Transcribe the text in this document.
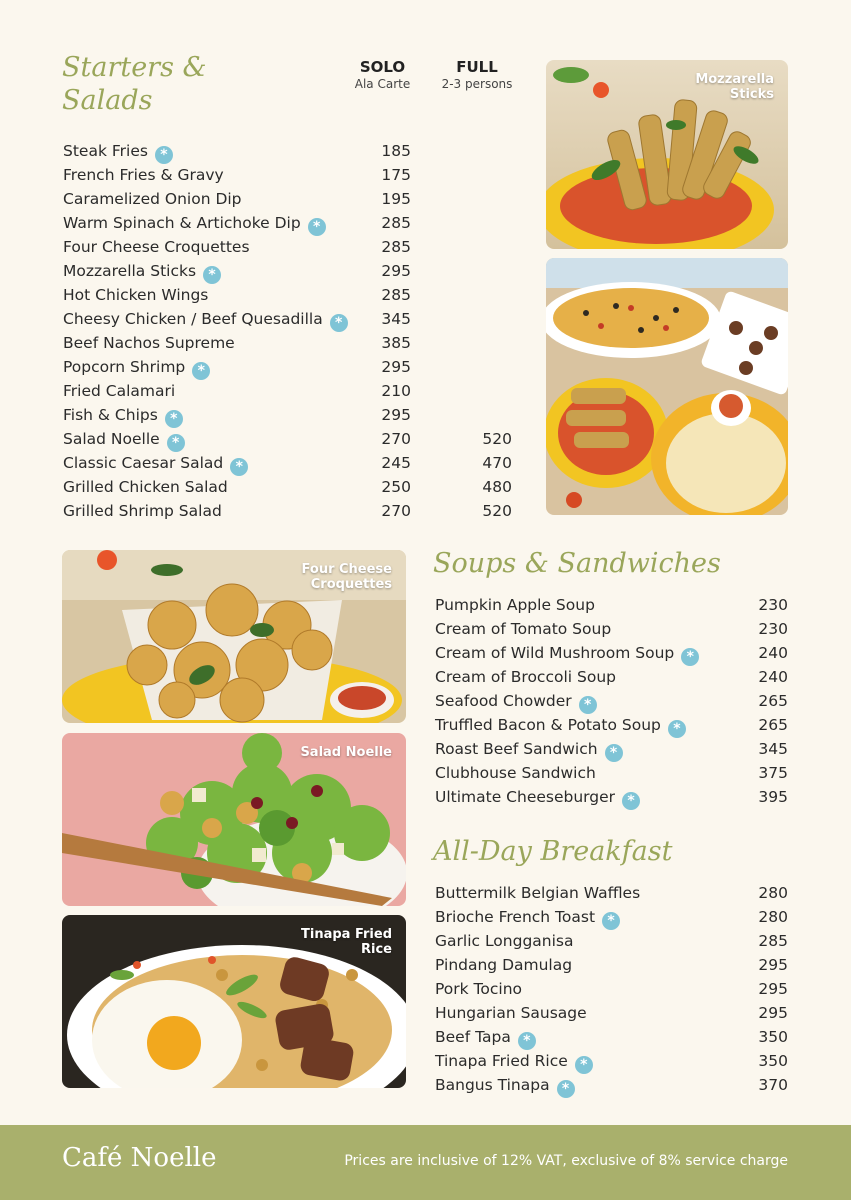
Starters &
Salads
SOLO
Ala Carte
FULL
2-3 persons
Steak Fries *	185
French Fries & Gravy	175
Caramelized Onion Dip	195
Warm Spinach & Artichoke Dip *	285
Four Cheese Croquettes	285
Mozzarella Sticks *	295
Hot Chicken Wings	285
Cheesy Chicken / Beef Quesadilla *	345
Beef Nachos Supreme	385
Popcorn Shrimp *	295
Fried Calamari	210
Fish & Chips *	295
Salad Noelle *	270	520
Classic Caesar Salad *	245	470
Grilled Chicken Salad	250	480
Grilled Shrimp Salad	270	520
Mozzarella Sticks
Four Cheese Croquettes
Salad Noelle
Tinapa Fried Rice
Soups & Sandwiches
Pumpkin Apple Soup	230
Cream of Tomato Soup	230
Cream of Wild Mushroom Soup *	240
Cream of Broccoli Soup	240
Seafood Chowder *	265
Truffled Bacon & Potato Soup *	265
Roast Beef Sandwich *	345
Clubhouse Sandwich	375
Ultimate Cheeseburger *	395
All-Day Breakfast
Buttermilk Belgian Waffles	280
Brioche French Toast *	280
Garlic Longganisa	285
Pindang Damulag	295
Pork Tocino	295
Hungarian Sausage	295
Beef Tapa *	350
Tinapa Fried Rice *	350
Bangus Tinapa *	370
Café Noelle	Prices are inclusive of 12% VAT, exclusive of 8% service charge
